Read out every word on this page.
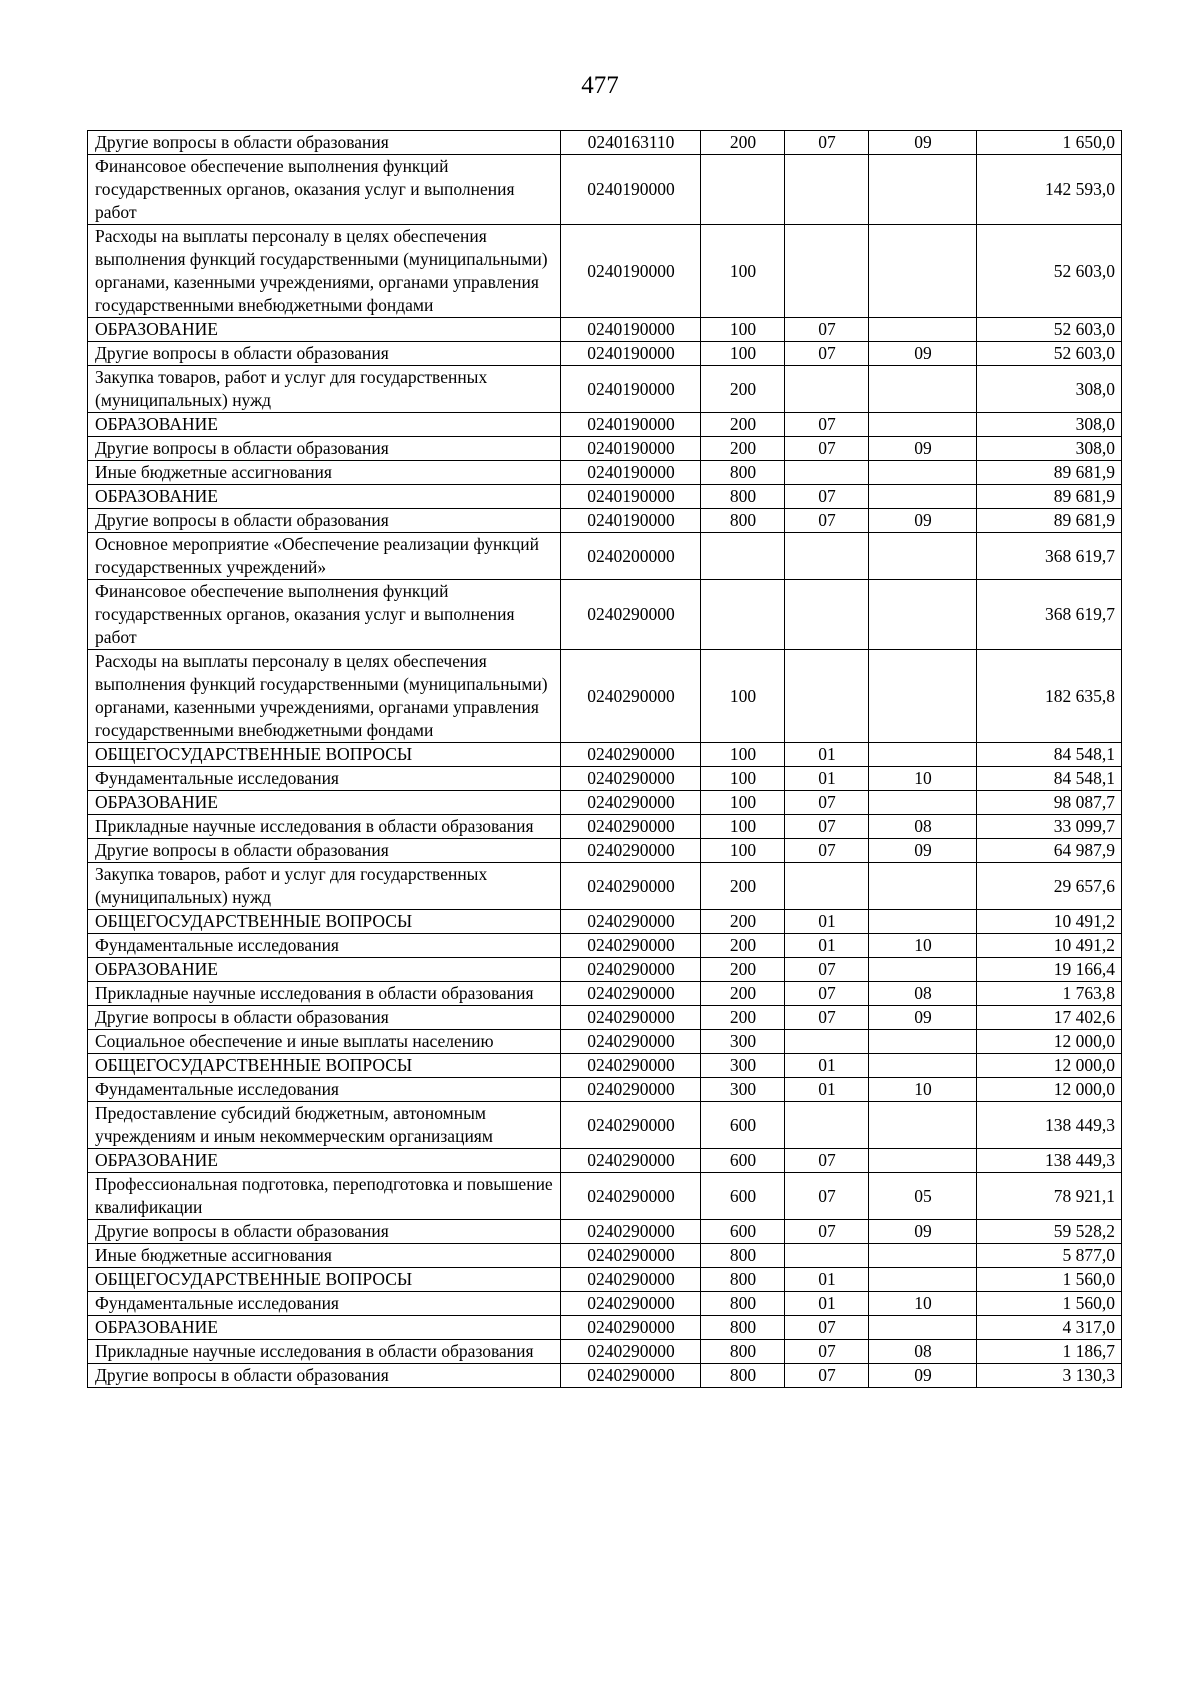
477
Другие вопросы в области образования	0240163110	200	07	09	1 650,0
Финансовое обеспечение выполнения функций государственных органов, оказания услуг и выполнения работ	0240190000				142 593,0
Расходы на выплаты персоналу в целях обеспечения выполнения функций государственными (муниципальными) органами, казенными учреждениями, органами управления государственными внебюджетными фондами	0240190000	100			52 603,0
ОБРАЗОВАНИЕ	0240190000	100	07		52 603,0
Другие вопросы в области образования	0240190000	100	07	09	52 603,0
Закупка товаров, работ и услуг для государственных (муниципальных) нужд	0240190000	200			308,0
ОБРАЗОВАНИЕ	0240190000	200	07		308,0
Другие вопросы в области образования	0240190000	200	07	09	308,0
Иные бюджетные ассигнования	0240190000	800			89 681,9
ОБРАЗОВАНИЕ	0240190000	800	07		89 681,9
Другие вопросы в области образования	0240190000	800	07	09	89 681,9
Основное мероприятие «Обеспечение реализации функций государственных учреждений»	0240200000				368 619,7
Финансовое обеспечение выполнения функций государственных органов, оказания услуг и выполнения работ	0240290000				368 619,7
Расходы на выплаты персоналу в целях обеспечения выполнения функций государственными (муниципальными) органами, казенными учреждениями, органами управления государственными внебюджетными фондами	0240290000	100			182 635,8
ОБЩЕГОСУДАРСТВЕННЫЕ ВОПРОСЫ	0240290000	100	01		84 548,1
Фундаментальные исследования	0240290000	100	01	10	84 548,1
ОБРАЗОВАНИЕ	0240290000	100	07		98 087,7
Прикладные научные исследования в области образования	0240290000	100	07	08	33 099,7
Другие вопросы в области образования	0240290000	100	07	09	64 987,9
Закупка товаров, работ и услуг для государственных (муниципальных) нужд	0240290000	200			29 657,6
ОБЩЕГОСУДАРСТВЕННЫЕ ВОПРОСЫ	0240290000	200	01		10 491,2
Фундаментальные исследования	0240290000	200	01	10	10 491,2
ОБРАЗОВАНИЕ	0240290000	200	07		19 166,4
Прикладные научные исследования в области образования	0240290000	200	07	08	1 763,8
Другие вопросы в области образования	0240290000	200	07	09	17 402,6
Социальное обеспечение и иные выплаты населению	0240290000	300			12 000,0
ОБЩЕГОСУДАРСТВЕННЫЕ ВОПРОСЫ	0240290000	300	01		12 000,0
Фундаментальные исследования	0240290000	300	01	10	12 000,0
Предоставление субсидий бюджетным, автономным учреждениям и иным некоммерческим организациям	0240290000	600			138 449,3
ОБРАЗОВАНИЕ	0240290000	600	07		138 449,3
Профессиональная подготовка, переподготовка и повышение квалификации	0240290000	600	07	05	78 921,1
Другие вопросы в области образования	0240290000	600	07	09	59 528,2
Иные бюджетные ассигнования	0240290000	800			5 877,0
ОБЩЕГОСУДАРСТВЕННЫЕ ВОПРОСЫ	0240290000	800	01		1 560,0
Фундаментальные исследования	0240290000	800	01	10	1 560,0
ОБРАЗОВАНИЕ	0240290000	800	07		4 317,0
Прикладные научные исследования в области образования	0240290000	800	07	08	1 186,7
Другие вопросы в области образования	0240290000	800	07	09	3 130,3
